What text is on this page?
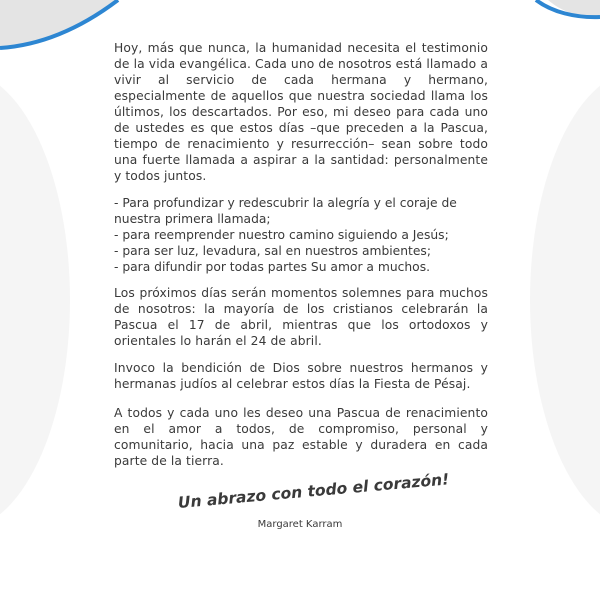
Hoy, más que nunca, la humanidad necesita el testimonio de la vida evangélica. Cada uno de nosotros está llamado a vivir al servicio de cada hermana y hermano, especialmente de aquellos que nuestra sociedad llama los últimos, los descartados. Por eso, mi deseo para cada uno de ustedes es que estos días –que preceden a la Pascua, tiempo de renacimiento y resurrección– sean sobre todo una fuerte llamada a aspirar a la santidad: personalmente y todos juntos.

- Para profundizar y redescubrir la alegría y el coraje de nuestra primera llamada;
- para reemprender nuestro camino siguiendo a Jesús;
- para ser luz, levadura, sal en nuestros ambientes;
- para difundir por todas partes Su amor a muchos.

Los próximos días serán momentos solemnes para muchos de nosotros: la mayoría de los cristianos celebrarán la Pascua el 17 de abril, mientras que los ortodoxos y orientales lo harán el 24 de abril.

Invoco la bendición de Dios sobre nuestros hermanos y hermanas judíos al celebrar estos días la Fiesta de Pésaj.

A todos y cada uno les deseo una Pascua de renacimiento en el amor a todos, de compromiso, personal y comunitario, hacia una paz estable y duradera en cada parte de la tierra.

Un abrazo con todo el corazón!
Margaret Karram
